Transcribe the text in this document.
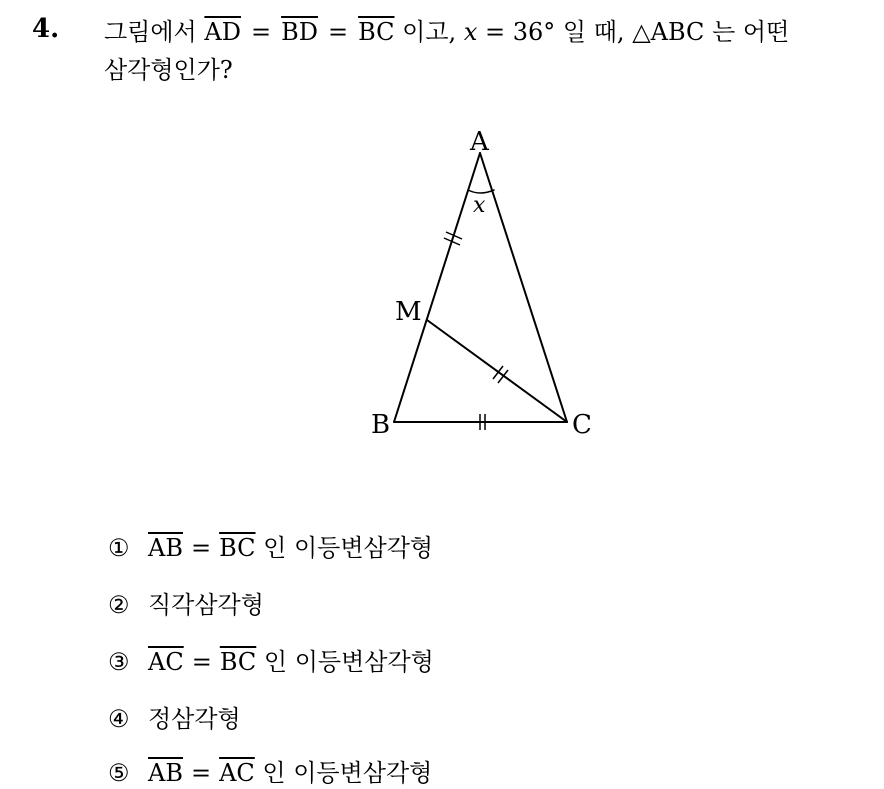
4. 그림에서 $\overline{AD} = \overline{BD} = \overline{BC}$ 이고, x = 36° 일 때, △ABC 는 어떤
삼각형인가?
A
M
B	C
x
① $\overline{AB} = \overline{BC}$ 인 이등변삼각형
② 직각삼각형
③ $\overline{AC} = \overline{BC}$ 인 이등변삼각형
④ 정삼각형
⑤ $\overline{AB} = \overline{AC}$ 인 이등변삼각형
